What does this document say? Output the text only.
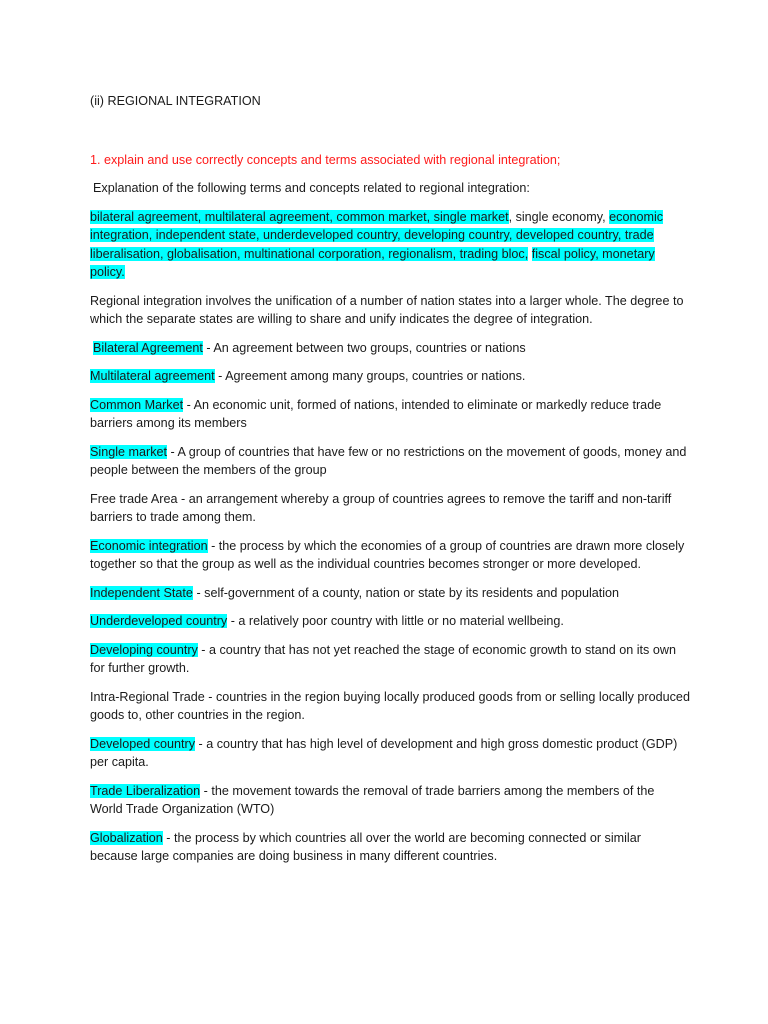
(ii) REGIONAL INTEGRATION
1. explain and use correctly concepts and terms associated with regional integration;
Explanation of the following terms and concepts related to regional integration:
bilateral agreement, multilateral agreement, common market, single market, single economy, economic integration, independent state, underdeveloped country, developing country, developed country, trade liberalisation, globalisation, multinational corporation, regionalism, trading bloc, fiscal policy, monetary policy.
Regional integration involves the unification of a number of nation states into a larger whole. The degree to which the separate states are willing to share and unify indicates the degree of integration.
Bilateral Agreement - An agreement between two groups, countries or nations
Multilateral agreement - Agreement among many groups, countries or nations.
Common Market - An economic unit, formed of nations, intended to eliminate or markedly reduce trade barriers among its members
Single market - A group of countries that have few or no restrictions on the movement of goods, money and people between the members of the group
Free trade Area - an arrangement whereby a group of countries agrees to remove the tariff and non-tariff barriers to trade among them.
Economic integration - the process by which the economies of a group of countries are drawn more closely together so that the group as well as the individual countries becomes stronger or more developed.
Independent State - self-government of a county, nation or state by its residents and population
Underdeveloped country - a relatively poor country with little or no material wellbeing.
Developing country - a country that has not yet reached the stage of economic growth to stand on its own for further growth.
Intra-Regional Trade - countries in the region buying locally produced goods from or selling locally produced goods to, other countries in the region.
Developed country - a country that has high level of development and high gross domestic product (GDP) per capita.
Trade Liberalization - the movement towards the removal of trade barriers among the members of the World Trade Organization (WTO)
Globalization - the process by which countries all over the world are becoming connected or similar because large companies are doing business in many different countries.
